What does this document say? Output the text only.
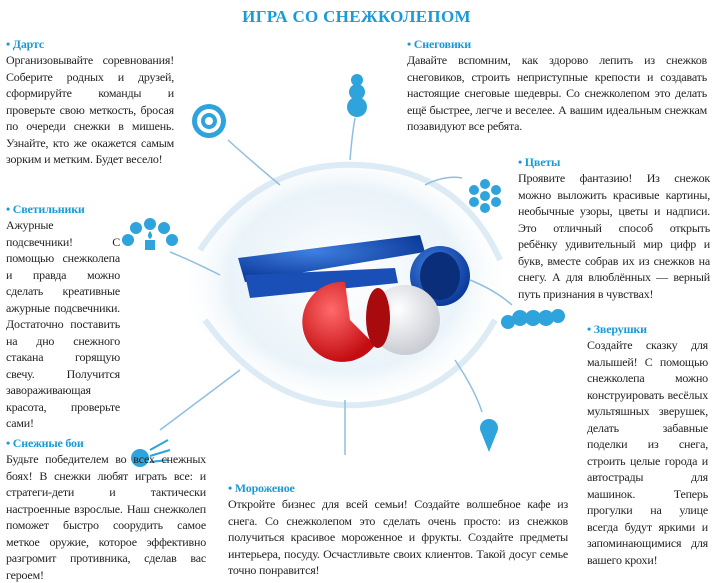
ИГРА СО СНЕЖКОЛЕПОМ
• Дартс

Организовывайте соревнования! Соберите родных и друзей, сформируйте команды и проверьте свою меткость, бросая по очереди снежки в мишень. Узнайте, кто же окажется самым зорким и метким. Будет весело!

• Снеговики

Давайте вспомним, как здорово лепить из снежков снеговиков, строить неприступные крепости и создавать настоящие снеговые шедевры. Со снежколепом это делать ещё быстрее, легче и веселее. А вашим идеальным снежкам позавидуют все ребята.

• Цветы

Проявите фантазию! Из снежок можно выложить красивые картины, необычные узоры, цветы и надписи. Это отличный способ открыть ребёнку удивительный мир цифр и букв, вместе собрав их из снежков на снегу. А для влюблённых — верный путь признания в чувствах!

• Светильники

Ажурные подсвечники! С помощью снежколепа и правда можно сделать креативные ажурные подсвечники. Достаточно поставить на дно снежного стакана горящую свечу. Получится завораживающая красота, проверьте сами!

• Зверушки

Создайте сказку для малышей! С помощью снежколепа можно конструировать весёлых мультяшных зверушек, делать забавные поделки из снега, строить целые города и автострады для машинок. Теперь прогулки на улице всегда будут яркими и запоминающимися для вашего крохи!

• Снежные бои

Будьте победителем во всех снежных боях! В снежки любят играть все: и стратеги-дети и тактически настроенные взрослые. Наш снежколеп поможет быстро соорудить самое меткое оружие, которое эффективно разгромит противника, сделав вас героем!

• Мороженое

Откройте бизнес для всей семьи! Создайте волшебное кафе из снега. Со снежколепом это сделать очень просто: из снежков получиться красивое мороженное и фрукты. Создайте предметы интерьера, посуду. Осчастливьте своих клиентов. Такой досуг семье точно понравится!
